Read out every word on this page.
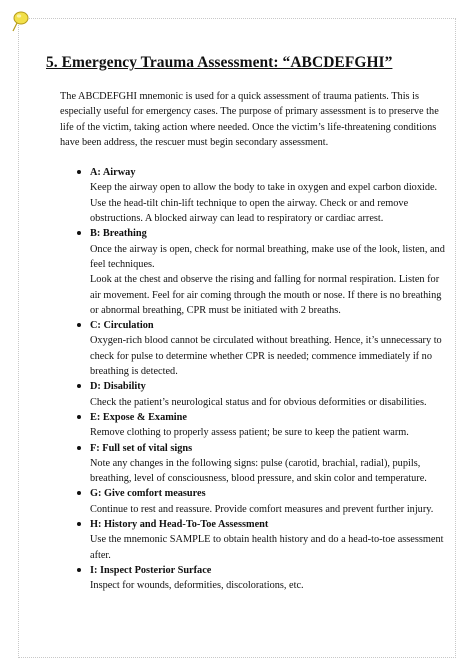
5. Emergency Trauma Assessment: “ABCDEFGHI”

The ABCDEFGHI mnemonic is used for a quick assessment of trauma patients. This is especially useful for emergency cases. The purpose of primary assessment is to preserve the life of the victim, taking action where needed. Once the victim’s life-threatening conditions have been address, the rescuer must begin secondary assessment.

A: Airway

Keep the airway open to allow the body to take in oxygen and expel carbon dioxide. Use the head-tilt chin-lift technique to open the airway. Check or and remove obstructions. A blocked airway can lead to respiratory or cardiac arrest.

B: Breathing

Once the airway is open, check for normal breathing, make use of the look, listen, and feel techniques.

Look at the chest and observe the rising and falling for normal respiration. Listen for air movement. Feel for air coming through the mouth or nose. If there is no breathing or abnormal breathing, CPR must be initiated with 2 breaths.

C: Circulation

Oxygen-rich blood cannot be circulated without breathing. Hence, it’s unnecessary to check for pulse to determine whether CPR is needed; commence immediately if no breathing is detected.

D: Disability

Check the patient’s neurological status and for obvious deformities or disabilities.

E: Expose & Examine

Remove clothing to properly assess patient; be sure to keep the patient warm.

F: Full set of vital signs

Note any changes in the following signs: pulse (carotid, brachial, radial), pupils, breathing, level of consciousness, blood pressure, and skin color and temperature.

G: Give comfort measures

Continue to rest and reassure. Provide comfort measures and prevent further injury.

H: History and Head-To-Toe Assessment

Use the mnemonic SAMPLE to obtain health history and do a head-to-toe assessment after.

I: Inspect Posterior Surface

Inspect for wounds, deformities, discolorations, etc.
